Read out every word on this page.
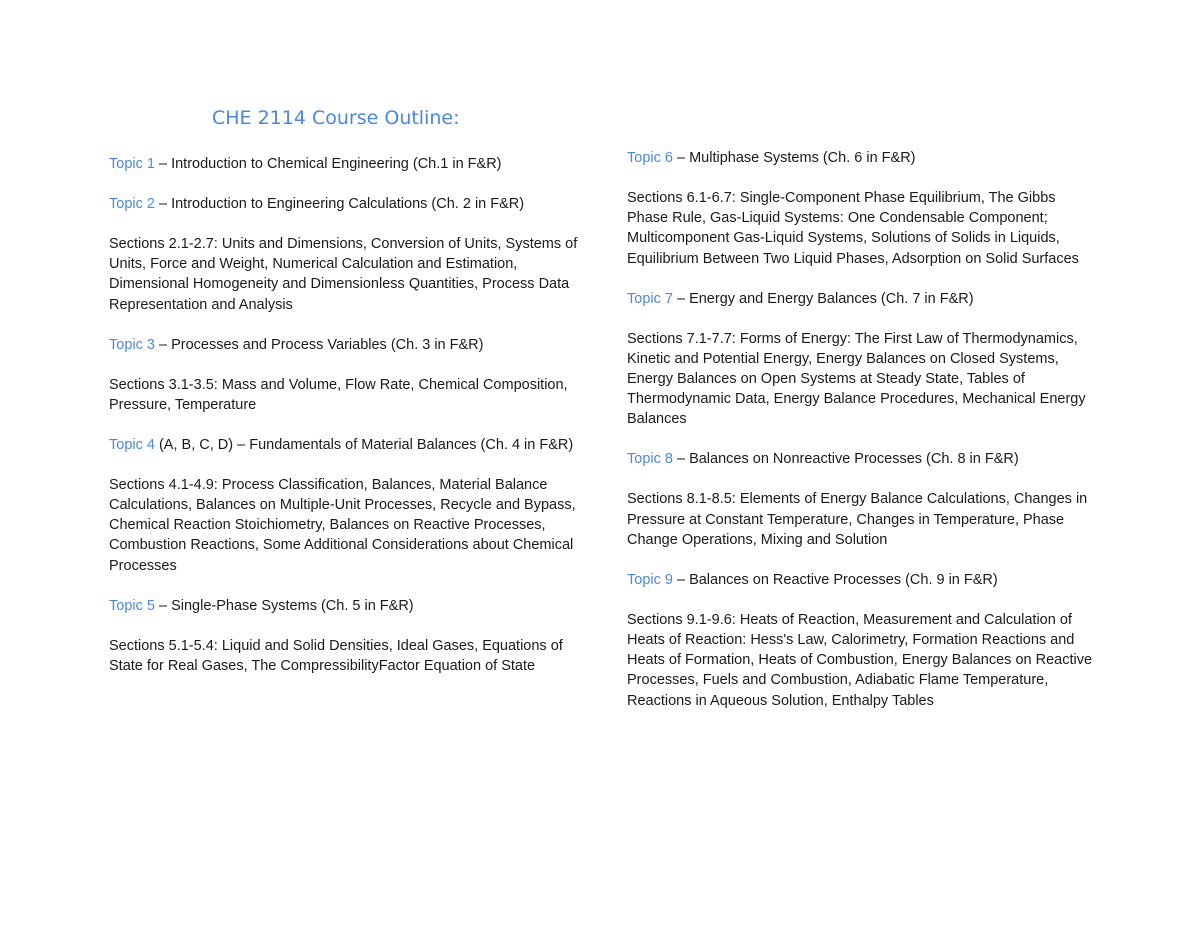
CHE 2114 Course Outline:

Topic 1 – Introduction to Chemical Engineering (Ch.1 in F&R)

Topic 2 – Introduction to Engineering Calculations (Ch. 2 in F&R)

Sections 2.1-2.7: Units and Dimensions, Conversion of Units, Systems of Units, Force and Weight, Numerical Calculation and Estimation, Dimensional Homogeneity and Dimensionless Quantities, Process Data Representation and Analysis

Topic 3 – Processes and Process Variables (Ch. 3 in F&R)

Sections 3.1-3.5: Mass and Volume, Flow Rate, Chemical Composition, Pressure, Temperature

Topic 4 (A, B, C, D) – Fundamentals of Material Balances (Ch. 4 in F&R)

Sections 4.1-4.9: Process Classification, Balances, Material Balance Calculations, Balances on Multiple-Unit Processes, Recycle and Bypass, Chemical Reaction Stoichiometry, Balances on Reactive Processes, Combustion Reactions, Some Additional Considerations about Chemical Processes

Topic 5 – Single-Phase Systems (Ch. 5 in F&R)

Sections 5.1-5.4: Liquid and Solid Densities, Ideal Gases, Equations of State for Real Gases, The CompressibilityFactor Equation of State

Topic 6 – Multiphase Systems (Ch. 6 in F&R)

Sections 6.1-6.7: Single-Component Phase Equilibrium, The Gibbs Phase Rule, Gas-Liquid Systems: One Condensable Component; Multicomponent Gas-Liquid Systems, Solutions of Solids in Liquids, Equilibrium Between Two Liquid Phases, Adsorption on Solid Surfaces

Topic 7 – Energy and Energy Balances (Ch. 7 in F&R)

Sections 7.1-7.7: Forms of Energy: The First Law of Thermodynamics, Kinetic and Potential Energy, Energy Balances on Closed Systems, Energy Balances on Open Systems at Steady State, Tables of Thermodynamic Data, Energy Balance Procedures, Mechanical Energy Balances

Topic 8 – Balances on Nonreactive Processes (Ch. 8 in F&R)

Sections 8.1-8.5: Elements of Energy Balance Calculations, Changes in Pressure at Constant Temperature, Changes in Temperature, Phase Change Operations, Mixing and Solution

Topic 9 – Balances on Reactive Processes (Ch. 9 in F&R)

Sections 9.1-9.6: Heats of Reaction, Measurement and Calculation of Heats of Reaction: Hess's Law, Calorimetry, Formation Reactions and Heats of Formation, Heats of Combustion, Energy Balances on Reactive Processes, Fuels and Combustion, Adiabatic Flame Temperature, Reactions in Aqueous Solution, Enthalpy Tables
